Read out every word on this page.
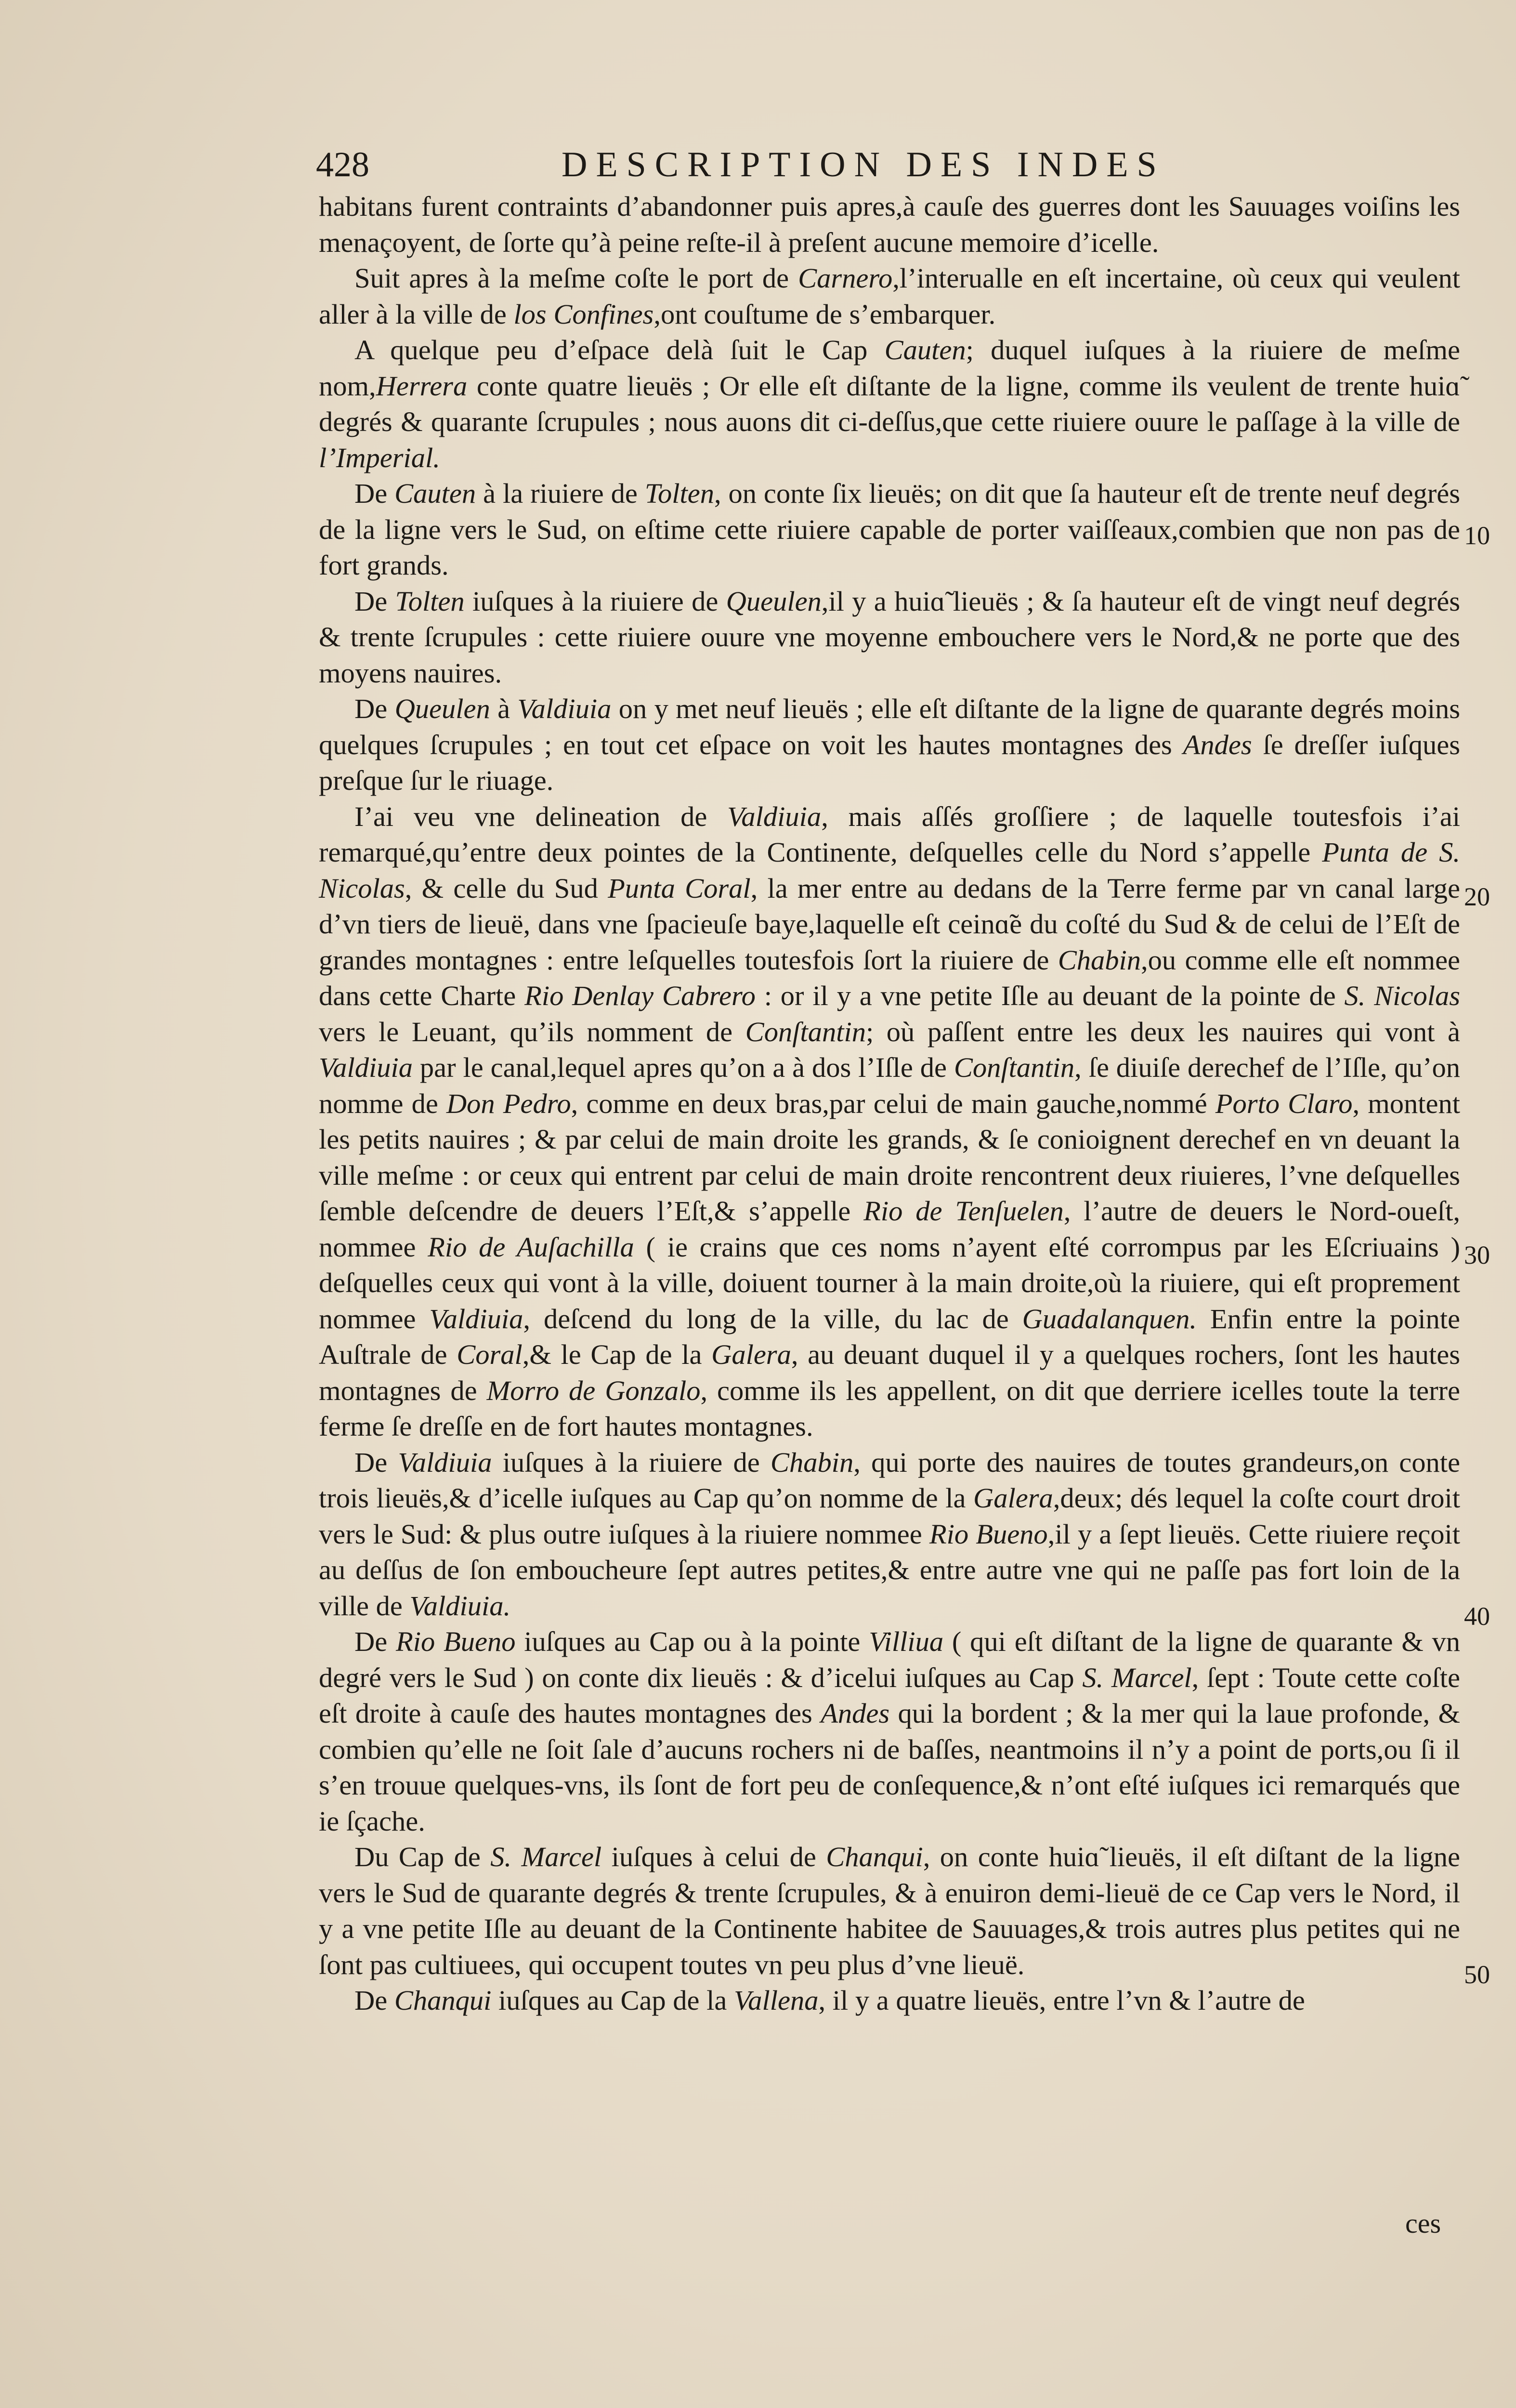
428	DESCRIPTION DES INDES

habitans furent contraints d’abandonner puis apres,à cauſe des guerres dont les Sauuages voiſins les menaçoyent, de ſorte qu’à peine reſte-il à preſent aucune memoire d’icelle.

Suit apres à la meſme coſte le port de Carnero,l’interualle en eſt incertaine, où ceux qui veulent aller à la ville de los Confines,ont couſtume de s’embarquer.

A quelque peu d’eſpace delà ſuit le Cap Cauten; duquel iuſques à la riuiere de meſme nom,Herrera conte quatre lieuës ; Or elle eſt diſtante de la ligne, comme ils veulent de trente huiɑ̃ degrés & quarante ſcrupules ; nous auons dit ci-deſſus,que cette riuiere ouure le paſſage à la ville de l’Imperial.

De Cauten à la riuiere de Tolten, on conte ſix lieuës; on dit que ſa hauteur eſt de trente neuf degrés de la ligne vers le Sud, on eſtime cette riuiere capable de porter vaiſſeaux,combien que non pas de fort grands.

De Tolten iuſques à la riuiere de Queulen,il y a huiɑ̃ lieuës ; & ſa hauteur eſt de vingt neuf degrés & trente ſcrupules : cette riuiere ouure vne moyenne embouchere vers le Nord,& ne porte que des moyens nauires.

De Queulen à Valdiuia on y met neuf lieuës ; elle eſt diſtante de la ligne de quarante degrés moins quelques ſcrupules ; en tout cet eſpace on voit les hautes montagnes des Andes ſe dreſſer iuſques preſque ſur le riuage.

I’ai veu vne delineation de Valdiuia, mais aſſés groſſiere ; de laquelle toutesfois i’ai remarqué,qu’entre deux pointes de la Continente, deſquelles celle du Nord s’appelle Punta de S. Nicolas, & celle du Sud Punta Coral, la mer entre au dedans de la Terre ferme par vn canal large d’vn tiers de lieuë, dans vne ſpacieuſe baye,laquelle eſt ceinɑ̃e du coſté du Sud & de celui de l’Eſt de grandes montagnes : entre leſquelles toutesfois ſort la riuiere de Chabin,ou comme elle eſt nommee dans cette Charte Rio Denlay Cabrero : or il y a vne petite Iſle au deuant de la pointe de S. Nicolas vers le Leuant, qu’ils nomment de Conſtantin; où paſſent entre les deux les nauires qui vont à Valdiuia par le canal,lequel apres qu’on a à dos l’Iſle de Conſtantin, ſe diuiſe derechef de l’Iſle, qu’on nomme de Don Pedro, comme en deux bras,par celui de main gauche,nommé Porto Claro, montent les petits nauires ; & par celui de main droite les grands, & ſe conioignent derechef en vn deuant la ville meſme : or ceux qui entrent par celui de main droite rencontrent deux riuieres, l’vne deſquelles ſemble deſcendre de deuers l’Eſt,& s’appelle Rio de Tenſuelen, l’autre de deuers le Nord-oueſt, nommee Rio de Auſachilla ( ie crains que ces noms n’ayent eſté corrompus par les Eſcriuains ) deſquelles ceux qui vont à la ville, doiuent tourner à la main droite,où la riuiere, qui eſt proprement nommee Valdiuia, deſcend du long de la ville, du lac de Guadalanquen. Enfin entre la pointe Auſtrale de Coral,& le Cap de la Galera, au deuant duquel il y a quelques rochers, ſont les hautes montagnes de Morro de Gonzalo, comme ils les appellent, on dit que derriere icelles toute la terre ferme ſe dreſſe en de fort hautes montagnes.

De Valdiuia iuſques à la riuiere de Chabin, qui porte des nauires de toutes grandeurs,on conte trois lieuës,& d’icelle iuſques au Cap qu’on nomme de la Galera,deux; dés lequel la coſte court droit vers le Sud: & plus outre iuſques à la riuiere nommee Rio Bueno,il y a ſept lieuës. Cette riuiere reçoit au deſſus de ſon emboucheure ſept autres petites,& entre autre vne qui ne paſſe pas fort loin de la ville de Valdiuia.

De Rio Bueno iuſques au Cap ou à la pointe Villiua ( qui eſt diſtant de la ligne de quarante & vn degré vers le Sud ) on conte dix lieuës : & d’icelui iuſques au Cap S. Marcel, ſept : Toute cette coſte eſt droite à cauſe des hautes montagnes des Andes qui la bordent ; & la mer qui la laue profonde, & combien qu’elle ne ſoit ſale d’aucuns rochers ni de baſſes, neantmoins il n’y a point de ports,ou ſi il s’en trouue quelques-vns, ils ſont de fort peu de conſequence,& n’ont eſté iuſques ici remarqués que ie ſçache.

Du Cap de S. Marcel iuſques à celui de Chanqui, on conte huiɑ̃ lieuës, il eſt diſtant de la ligne vers le Sud de quarante degrés & trente ſcrupules, & à enuiron demi-lieuë de ce Cap vers le Nord, il y a vne petite Iſle au deuant de la Continente habitee de Sauuages,& trois autres plus petites qui ne ſont pas cultiuees, qui occupent toutes vn peu plus d’vne lieuë.

De Chanqui iuſques au Cap de la Vallena, il y a quatre lieuës, entre l’vn & l’autre de

10
20
30
40
50
ces
